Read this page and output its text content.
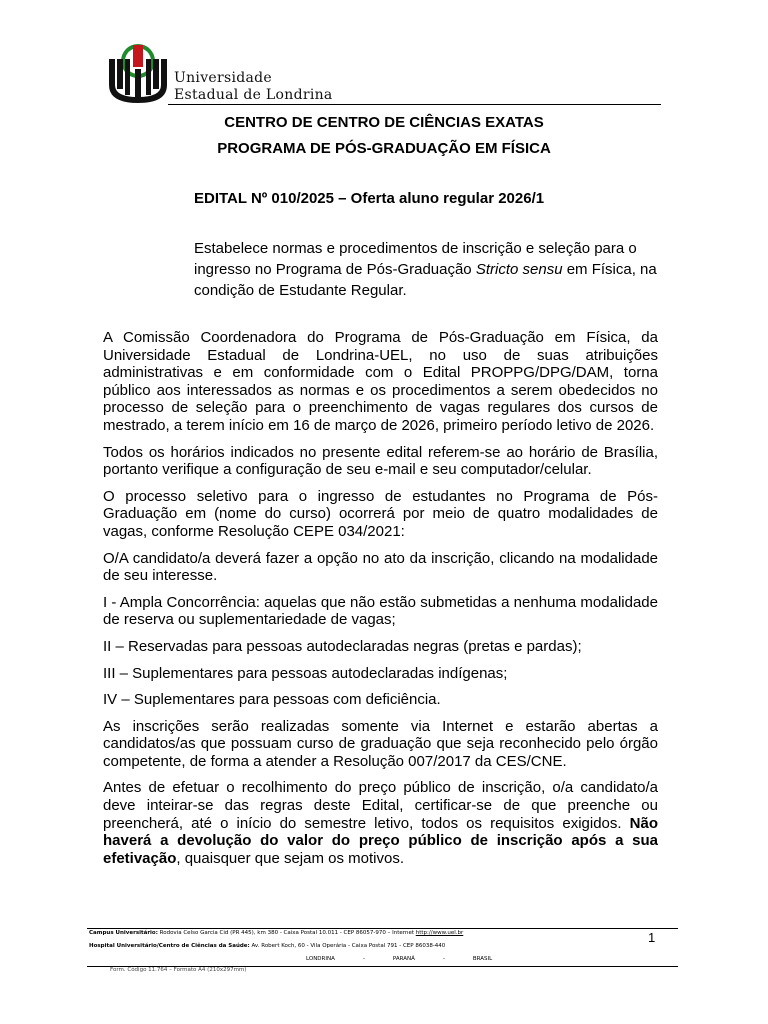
Universidade
Estadual de Londrina
CENTRO DE CENTRO DE CIÊNCIAS EXATAS
PROGRAMA DE PÓS-GRADUAÇÃO EM FÍSICA
EDITAL Nº 010/2025 – Oferta aluno regular 2026/1
Estabelece normas e procedimentos de inscrição e seleção para o ingresso no Programa de Pós-Graduação Stricto sensu em Física, na condição de Estudante Regular.

A Comissão Coordenadora do Programa de Pós-Graduação em Física, da Universidade Estadual de Londrina-UEL, no uso de suas atribuições administrativas e em conformidade com o Edital PROPPG/DPG/DAM, torna público aos interessados as normas e os procedimentos a serem obedecidos no processo de seleção para o preenchimento de vagas regulares dos cursos de mestrado, a terem início em 16 de março de 2026, primeiro período letivo de 2026.

Todos os horários indicados no presente edital referem-se ao horário de Brasília, portanto verifique a configuração de seu e-mail e seu computador/celular.

O processo seletivo para o ingresso de estudantes no Programa de Pós-Graduação em (nome do curso) ocorrerá por meio de quatro modalidades de vagas, conforme Resolução CEPE 034/2021:

O/A candidato/a deverá fazer a opção no ato da inscrição, clicando na modalidade de seu interesse.

I - Ampla Concorrência: aquelas que não estão submetidas a nenhuma modalidade de reserva ou suplementariedade de vagas;

II – Reservadas para pessoas autodeclaradas negras (pretas e pardas);

III – Suplementares para pessoas autodeclaradas indígenas;

IV – Suplementares para pessoas com deficiência.

As inscrições serão realizadas somente via Internet e estarão abertas a candidatos/as que possuam curso de graduação que seja reconhecido pelo órgão competente, de forma a atender a Resolução 007/2017 da CES/CNE.

Antes de efetuar o recolhimento do preço público de inscrição, o/a candidato/a deve inteirar-se das regras deste Edital, certificar-se de que preenche ou preencherá, até o início do semestre letivo, todos os requisitos exigidos. Não haverá a devolução do valor do preço público de inscrição após a sua efetivação, quaisquer que sejam os motivos.

Campus Universitário: Rodovia Celso Garcia Cid (PR 445), km 380 - Caixa Postal 10.011 - CEP 86057-970 – Internet http://www.uel.br
Hospital Universitário/Centro de Ciências da Saúde: Av. Robert Koch, 60 - Vila Operária - Caixa Postal 791 - CEP 86038-440
LONDRINA	-	PARANÁ	-	BRASIL
1
Form. Código 11.764 – Formato A4 (210x297mm)
